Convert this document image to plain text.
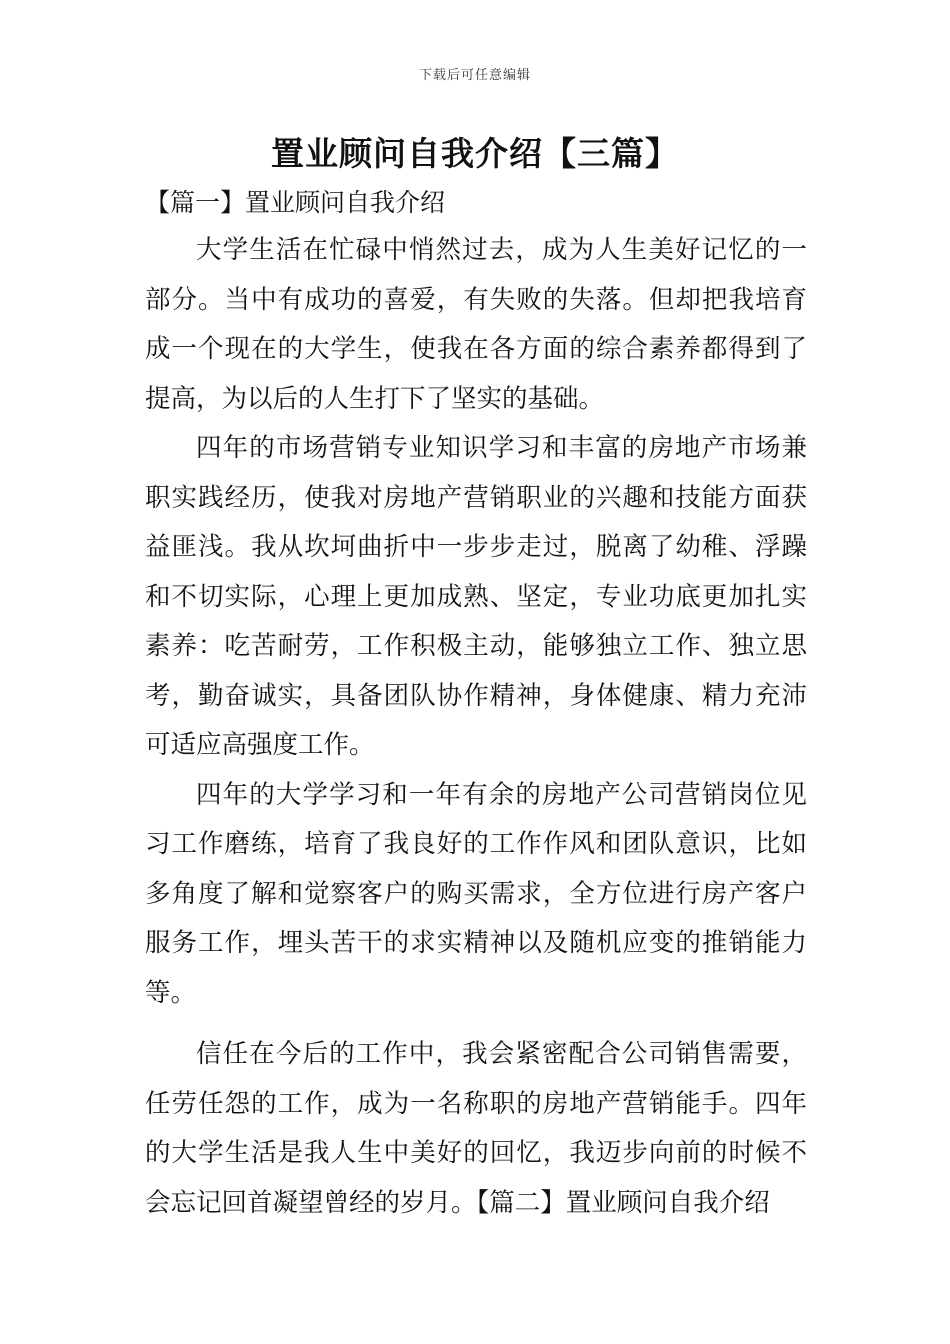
下载后可任意编辑
置业顾问自我介绍【三篇】
【篇一】置业顾问自我介绍

大学生活在忙碌中悄然过去，成为人生美好记忆的一部分。当中有成功的喜爱，有失败的失落。但却把我培育成一个现在的大学生，使我在各方面的综合素养都得到了提高，为以后的人生打下了坚实的基础。

四年的市场营销专业知识学习和丰富的房地产市场兼职实践经历，使我对房地产营销职业的兴趣和技能方面获益匪浅。我从坎坷曲折中一步步走过，脱离了幼稚、浮躁和不切实际，心理上更加成熟、坚定，专业功底更加扎实素养：吃苦耐劳，工作积极主动，能够独立工作、独立思考，勤奋诚实，具备团队协作精神，身体健康、精力充沛可适应高强度工作。

四年的大学学习和一年有余的房地产公司营销岗位见习工作磨练，培育了我良好的工作作风和团队意识，比如多角度了解和觉察客户的购买需求，全方位进行房产客户服务工作，埋头苦干的求实精神以及随机应变的推销能力等。

信任在今后的工作中，我会紧密配合公司销售需要，任劳任怨的工作，成为一名称职的房地产营销能手。四年的大学生活是我人生中美好的回忆，我迈步向前的时候不会忘记回首凝望曾经的岁月。【篇二】置业顾问自我介绍
